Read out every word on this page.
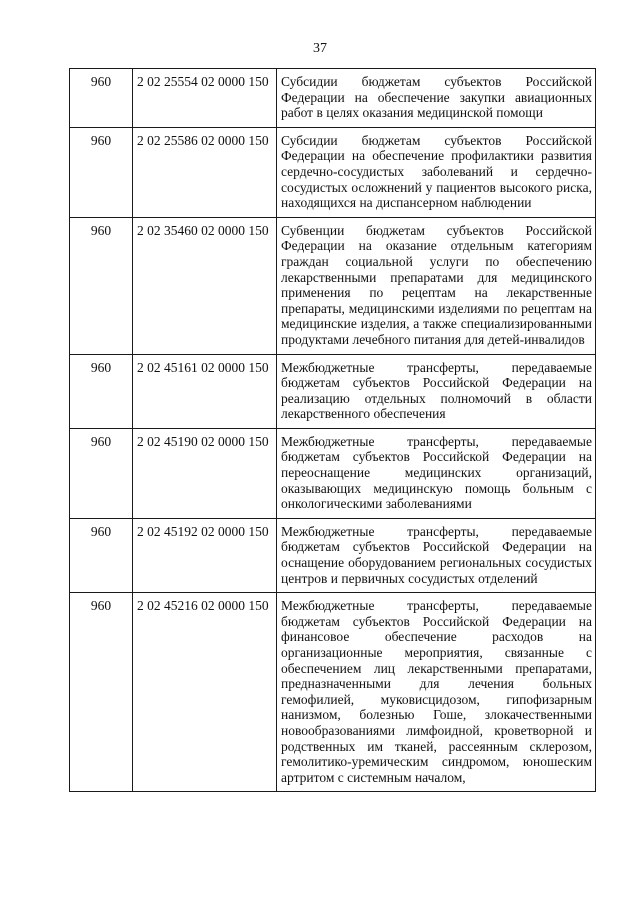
37
960	2 02 25554 02 0000 150	Субсидии бюджетам субъектов Российской Федерации на обеспечение закупки авиационных работ в целях оказания медицинской помощи
960	2 02 25586 02 0000 150	Субсидии бюджетам субъектов Российской Федерации на обеспечение профилактики развития сердечно-сосудистых заболеваний и сердечно-сосудистых осложнений у пациентов высокого риска, находящихся на диспансерном наблюдении
960	2 02 35460 02 0000 150	Субвенции бюджетам субъектов Российской Федерации на оказание отдельным категориям граждан социальной услуги по обеспечению лекарственными препаратами для медицинского применения по рецептам на лекарственные препараты, медицинскими изделиями по рецептам на медицинские изделия, а также специализированными продуктами лечебного питания для детей-инвалидов
960	2 02 45161 02 0000 150	Межбюджетные трансферты, передаваемые бюджетам субъектов Российской Федерации на реализацию отдельных полномочий в области лекарственного обеспечения
960	2 02 45190 02 0000 150	Межбюджетные трансферты, передаваемые бюджетам субъектов Российской Федерации на переоснащение медицинских организаций, оказывающих медицинскую помощь больным с онкологическими заболеваниями
960	2 02 45192 02 0000 150	Межбюджетные трансферты, передаваемые бюджетам субъектов Российской Федерации на оснащение оборудованием региональных сосудистых центров и первичных сосудистых отделений
960	2 02 45216 02 0000 150	Межбюджетные трансферты, передаваемые бюджетам субъектов Российской Федерации на финансовое обеспечение расходов на организационные мероприятия, связанные с обеспечением лиц лекарственными препаратами, предназначенными для лечения больных гемофилией, муковисцидозом, гипофизарным нанизмом, болезнью Гоше, злокачественными новообразованиями лимфоидной, кроветворной и родственных им тканей, рассеянным склерозом, гемолитико-уремическим синдромом, юношеским артритом с системным началом,
